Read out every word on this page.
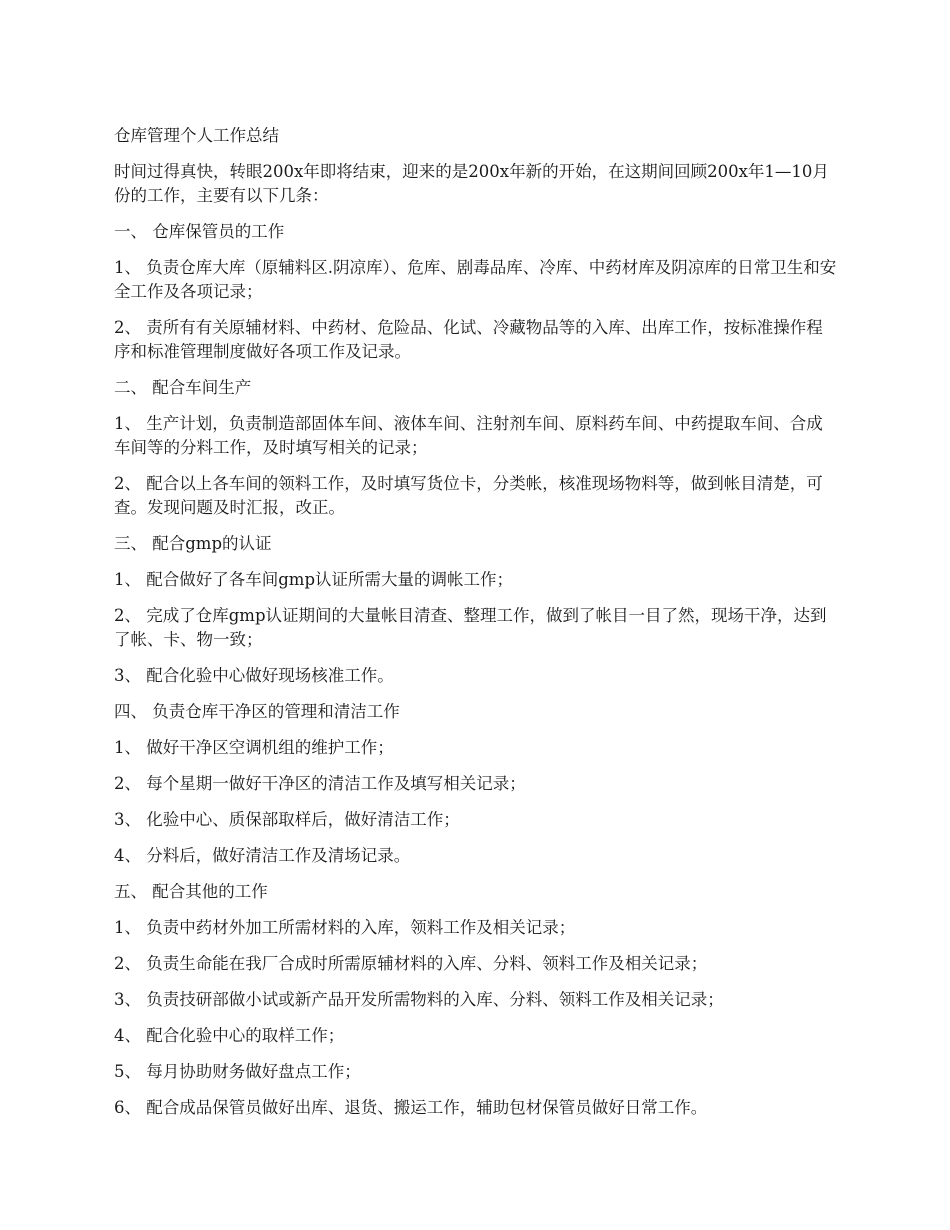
仓库管理个人工作总结

时间过得真快，转眼200x年即将结束，迎来的是200x年新的开始，在这期间回顾200x年1—10月份的工作，主要有以下几条：

一、 仓库保管员的工作

1、 负责仓库大库（原辅料区.阴凉库）、危库、剧毒品库、冷库、中药材库及阴凉库的日常卫生和安全工作及各项记录；

2、 责所有有关原辅材料、中药材、危险品、化试、冷藏物品等的入库、出库工作，按标准操作程序和标准管理制度做好各项工作及记录。

二、 配合车间生产

1、 生产计划，负责制造部固体车间、液体车间、注射剂车间、原料药车间、中药提取车间、合成车间等的分料工作，及时填写相关的记录；

2、 配合以上各车间的领料工作，及时填写货位卡，分类帐，核准现场物料等，做到帐目清楚，可查。发现问题及时汇报，改正。

三、 配合gmp的认证

1、 配合做好了各车间gmp认证所需大量的调帐工作；

2、 完成了仓库gmp认证期间的大量帐目清查、整理工作，做到了帐目一目了然，现场干净，达到了帐、卡、物一致；

3、 配合化验中心做好现场核准工作。

四、 负责仓库干净区的管理和清洁工作

1、 做好干净区空调机组的维护工作；

2、 每个星期一做好干净区的清洁工作及填写相关记录；

3、 化验中心、质保部取样后，做好清洁工作；

4、 分料后，做好清洁工作及清场记录。

五、 配合其他的工作

1、 负责中药材外加工所需材料的入库，领料工作及相关记录；

2、 负责生命能在我厂合成时所需原辅材料的入库、分料、领料工作及相关记录；

3、 负责技研部做小试或新产品开发所需物料的入库、分料、领料工作及相关记录；

4、 配合化验中心的取样工作；

5、 每月协助财务做好盘点工作；

6、 配合成品保管员做好出库、退货、搬运工作，辅助包材保管员做好日常工作。
